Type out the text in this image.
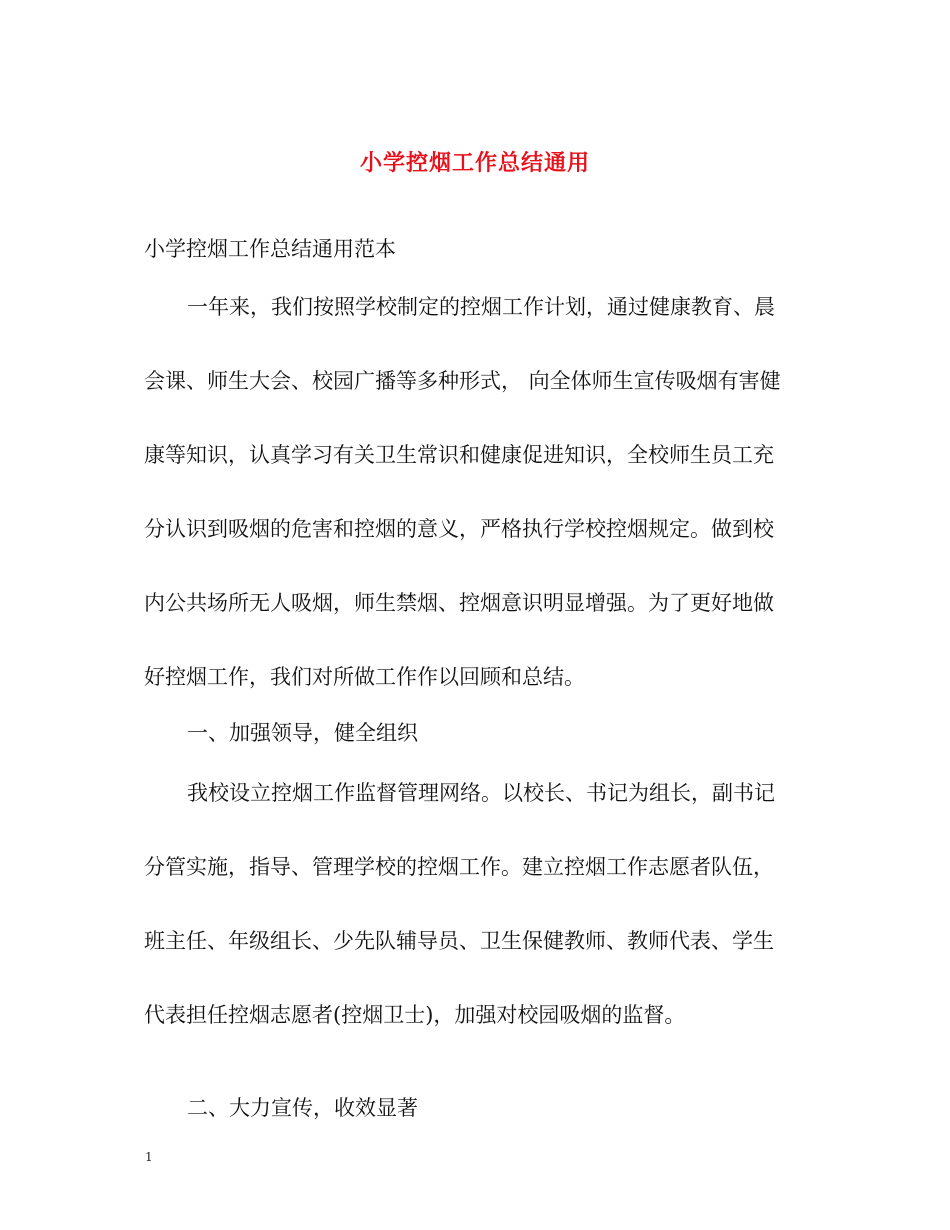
小学控烟工作总结通用
小学控烟工作总结通用范本
一年来，我们按照学校制定的控烟工作计划，通过健康教育、晨
会课、师生大会、校园广播等多种形式， 向全体师生宣传吸烟有害健
康等知识，认真学习有关卫生常识和健康促进知识，全校师生员工充
分认识到吸烟的危害和控烟的意义，严格执行学校控烟规定。做到校
内公共场所无人吸烟，师生禁烟、控烟意识明显增强。为了更好地做
好控烟工作，我们对所做工作作以回顾和总结。
一、加强领导，健全组织
我校设立控烟工作监督管理网络。以校长、书记为组长，副书记
分管实施，指导、管理学校的控烟工作。建立控烟工作志愿者队伍，
班主任、年级组长、少先队辅导员、卫生保健教师、教师代表、学生
代表担任控烟志愿者(控烟卫士)，加强对校园吸烟的监督。
二、大力宣传，收效显著
1
